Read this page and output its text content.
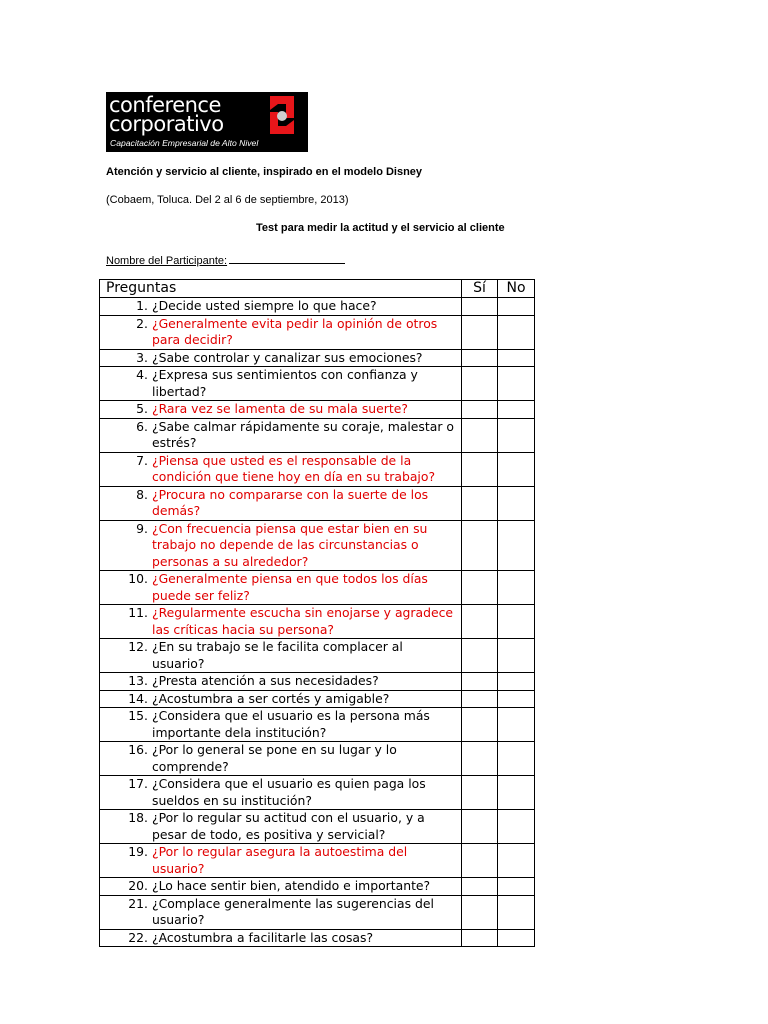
conference
corporativo
Capacitación Empresarial de Alto Nivel
®
Atención y servicio al cliente, inspirado en el modelo Disney
(Cobaem, Toluca. Del 2 al 6 de septiembre, 2013)
Test para medir la actitud y el servicio al cliente
Nombre del Participante:
Preguntas	Sí	No

1. ¿Decide usted siempre lo que hace?		

2. ¿Generalmente evita pedir la opinión de otros para decidir?		

3. ¿Sabe controlar y canalizar sus emociones?		

4. ¿Expresa sus sentimientos con confianza y libertad?		

5. ¿Rara vez se lamenta de su mala suerte?		

6. ¿Sabe calmar rápidamente su coraje, malestar o estrés?		

7. ¿Piensa que usted es el responsable de la condición que tiene hoy en día en su trabajo?		

8. ¿Procura no compararse con la suerte de los demás?		

9. ¿Con frecuencia piensa que estar bien en su trabajo no depende de las circunstancias o personas a su alrededor?		

10. ¿Generalmente piensa en que todos los días puede ser feliz?		

11. ¿Regularmente escucha sin enojarse y agradece las críticas hacia su persona?		

12. ¿En su trabajo se le facilita complacer al usuario?		

13. ¿Presta atención a sus necesidades?		

14. ¿Acostumbra a ser cortés y amigable?		

15. ¿Considera que el usuario es la persona más importante dela institución?		

16. ¿Por lo general se pone en su lugar y lo comprende?		

17. ¿Considera que el usuario es quien paga los sueldos en su institución?		

18. ¿Por lo regular su actitud con el usuario, y a pesar de todo, es positiva y servicial?		

19. ¿Por lo regular asegura la autoestima del usuario?		

20. ¿Lo hace sentir bien, atendido e importante?		

21. ¿Complace generalmente las sugerencias del usuario?		

22. ¿Acostumbra a facilitarle las cosas?		
